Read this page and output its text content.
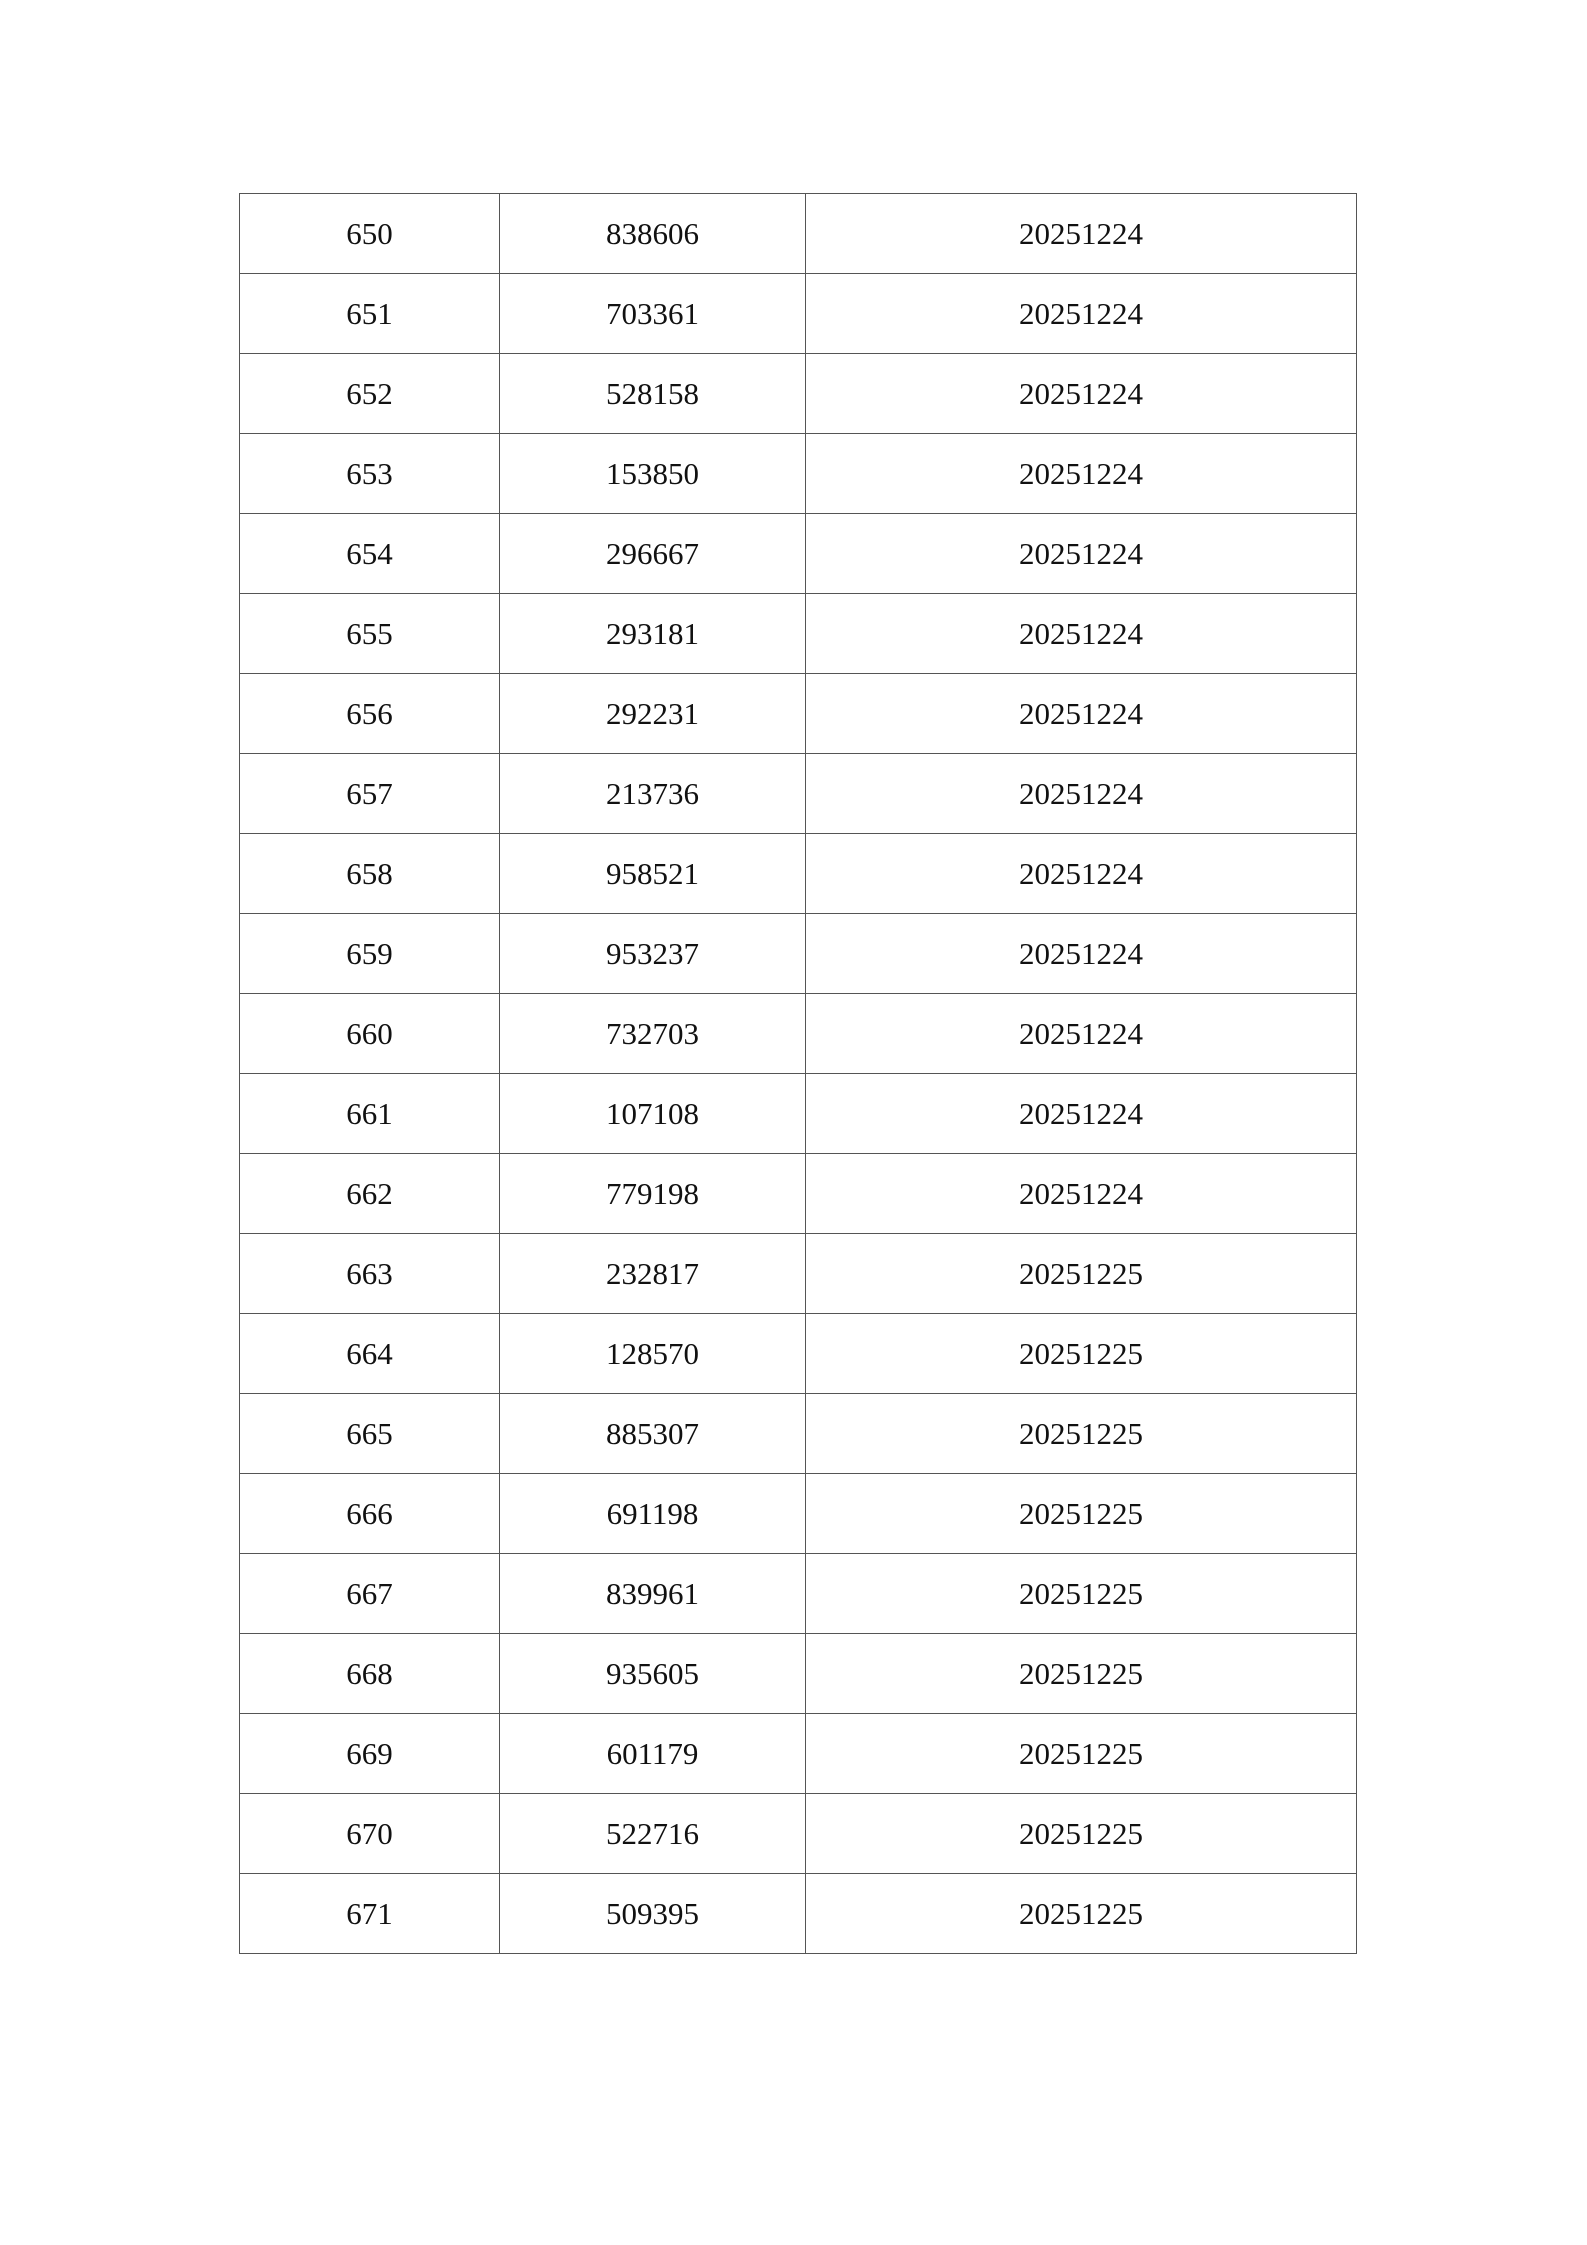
650	838606	20251224
651	703361	20251224
652	528158	20251224
653	153850	20251224
654	296667	20251224
655	293181	20251224
656	292231	20251224
657	213736	20251224
658	958521	20251224
659	953237	20251224
660	732703	20251224
661	107108	20251224
662	779198	20251224
663	232817	20251225
664	128570	20251225
665	885307	20251225
666	691198	20251225
667	839961	20251225
668	935605	20251225
669	601179	20251225
670	522716	20251225
671	509395	20251225
